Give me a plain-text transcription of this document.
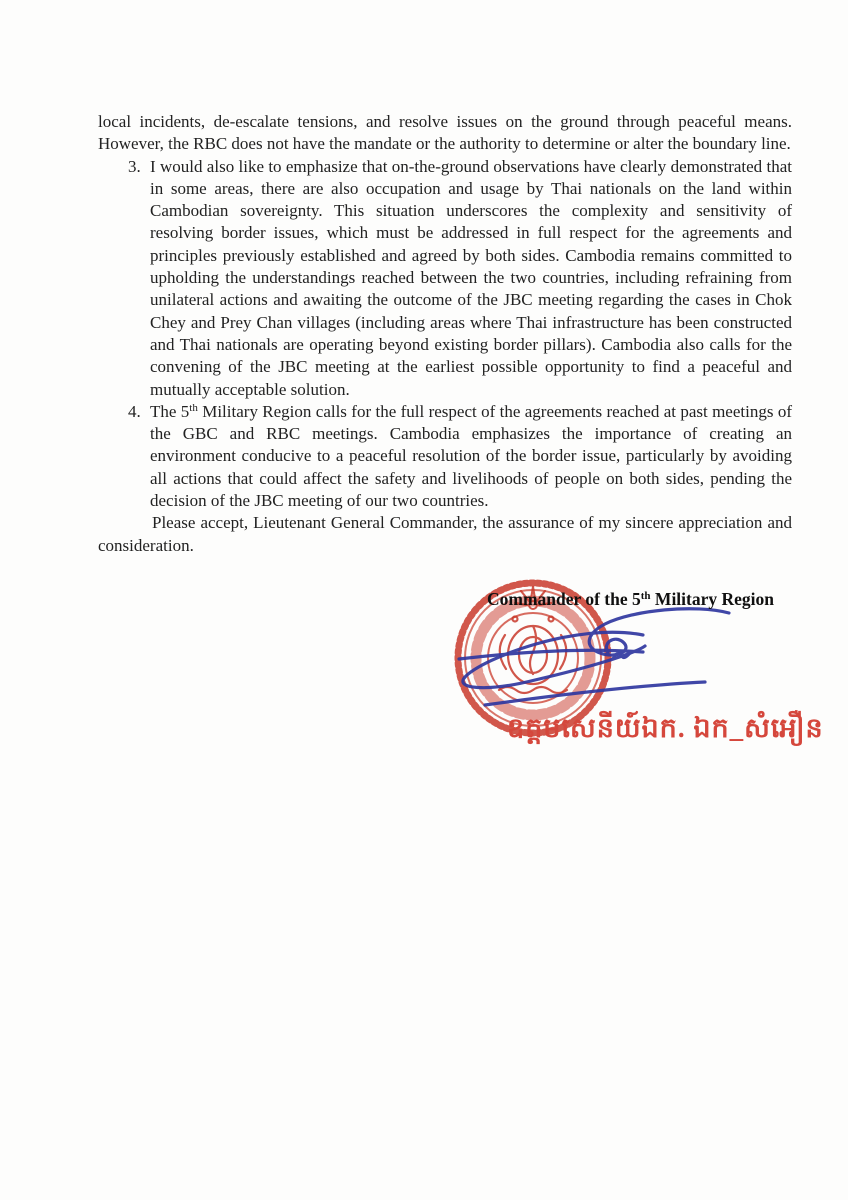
local incidents, de-escalate tensions, and resolve issues on the ground through peaceful means. However, the RBC does not have the mandate or the authority to determine or alter the boundary line.

3. I would also like to emphasize that on-the-ground observations have clearly demonstrated that in some areas, there are also occupation and usage by Thai nationals on the land within Cambodian sovereignty. This situation underscores the complexity and sensitivity of resolving border issues, which must be addressed in full respect for the agreements and principles previously established and agreed by both sides. Cambodia remains committed to upholding the understandings reached between the two countries, including refraining from unilateral actions and awaiting the outcome of the JBC meeting regarding the cases in Chok Chey and Prey Chan villages (including areas where Thai infrastructure has been constructed and Thai nationals are operating beyond existing border pillars). Cambodia also calls for the convening of the JBC meeting at the earliest possible opportunity to find a peaceful and mutually acceptable solution.
4. The 5th Military Region calls for the full respect of the agreements reached at past meetings of the GBC and RBC meetings. Cambodia emphasizes the importance of creating an environment conducive to a peaceful resolution of the border issue, particularly by avoiding all actions that could affect the safety and livelihoods of people on both sides, pending the decision of the JBC meeting of our two countries.

Please accept, Lieutenant General Commander, the assurance of my sincere appreciation and consideration.

Commander of the 5th Military Region
ឧត្តមសេនីយ៍ឯក. ឯក_សំអឿន
